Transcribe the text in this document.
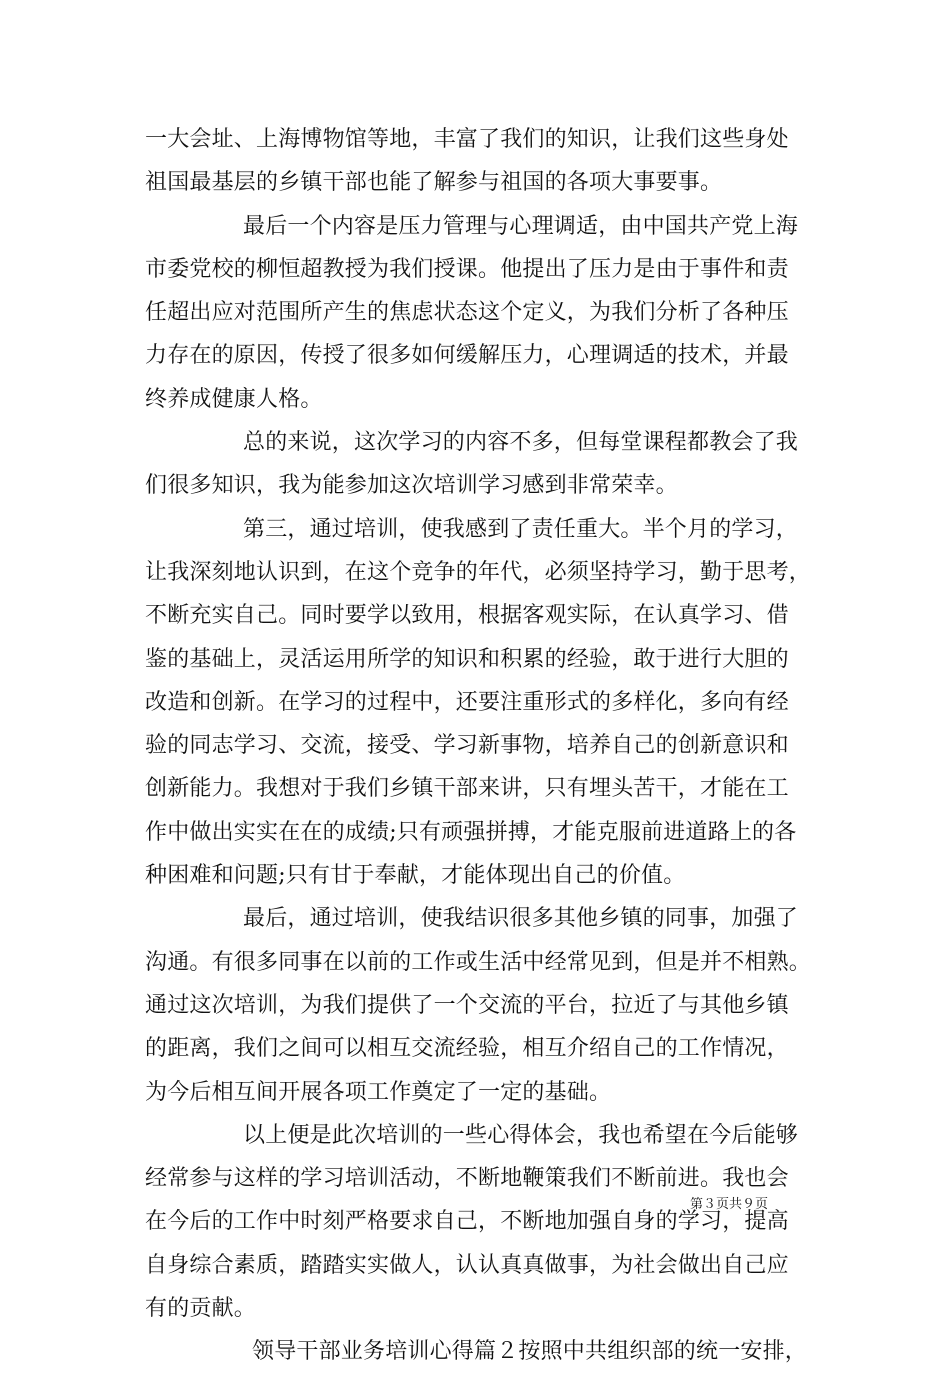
一大会址、上海博物馆等地，丰富了我们的知识，让我们这些身处
祖国最基层的乡镇干部也能了解参与祖国的各项大事要事。
最后一个内容是压力管理与心理调适，由中国共产党上海
市委党校的柳恒超教授为我们授课。他提出了压力是由于事件和责
任超出应对范围所产生的焦虑状态这个定义，为我们分析了各种压
力存在的原因，传授了很多如何缓解压力，心理调适的技术，并最
终养成健康人格。
总的来说，这次学习的内容不多，但每堂课程都教会了我
们很多知识，我为能参加这次培训学习感到非常荣幸。
第三，通过培训，使我感到了责任重大。半个月的学习，
让我深刻地认识到，在这个竞争的年代，必须坚持学习，勤于思考，
不断充实自己。同时要学以致用，根据客观实际，在认真学习、借
鉴的基础上，灵活运用所学的知识和积累的经验，敢于进行大胆的
改造和创新。在学习的过程中，还要注重形式的多样化，多向有经
验的同志学习、交流，接受、学习新事物，培养自己的创新意识和
创新能力。我想对于我们乡镇干部来讲，只有埋头苦干，才能在工
作中做出实实在在的成绩;只有顽强拼搏，才能克服前进道路上的各
种困难和问题;只有甘于奉献，才能体现出自己的价值。
最后，通过培训，使我结识很多其他乡镇的同事，加强了
沟通。有很多同事在以前的工作或生活中经常见到，但是并不相熟。
通过这次培训，为我们提供了一个交流的平台，拉近了与其他乡镇
的距离，我们之间可以相互交流经验，相互介绍自己的工作情况，
为今后相互间开展各项工作奠定了一定的基础。
以上便是此次培训的一些心得体会，我也希望在今后能够
经常参与这样的学习培训活动，不断地鞭策我们不断前进。我也会
在今后的工作中时刻严格要求自己，不断地加强自身的学习，提高
自身综合素质，踏踏实实做人，认认真真做事，为社会做出自己应
有的贡献。
领导干部业务培训心得篇２按照中共组织部的统一安排，
第３页共９页
